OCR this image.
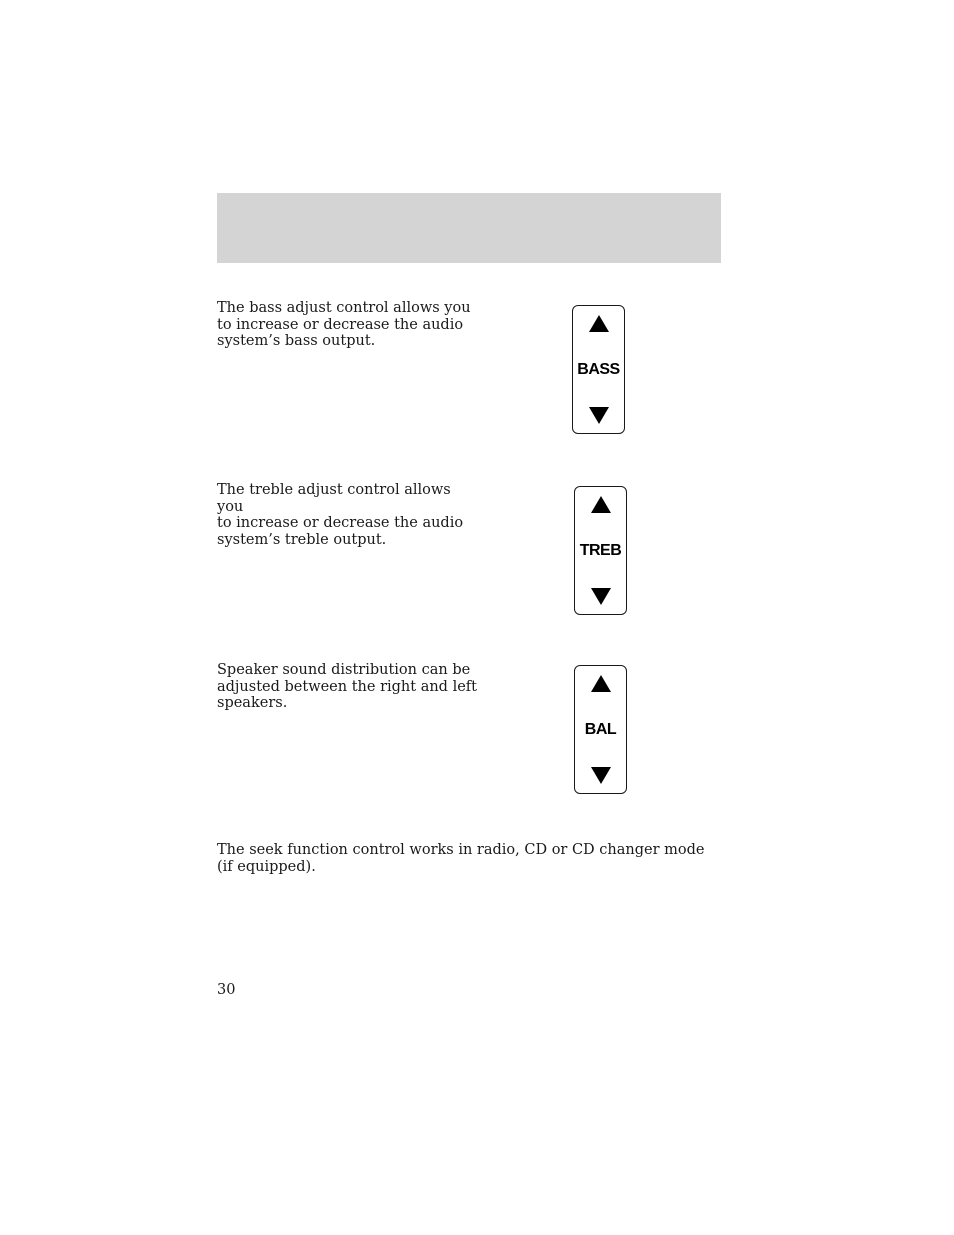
The bass adjust control allows you
to increase or decrease the audio
system’s bass output.

BASS

The treble adjust control allows you
to increase or decrease the audio
system’s treble output.

TREB

Speaker sound distribution can be
adjusted between the right and left
speakers.

BAL

The seek function control works in radio, CD or CD changer mode (if equipped).

30
